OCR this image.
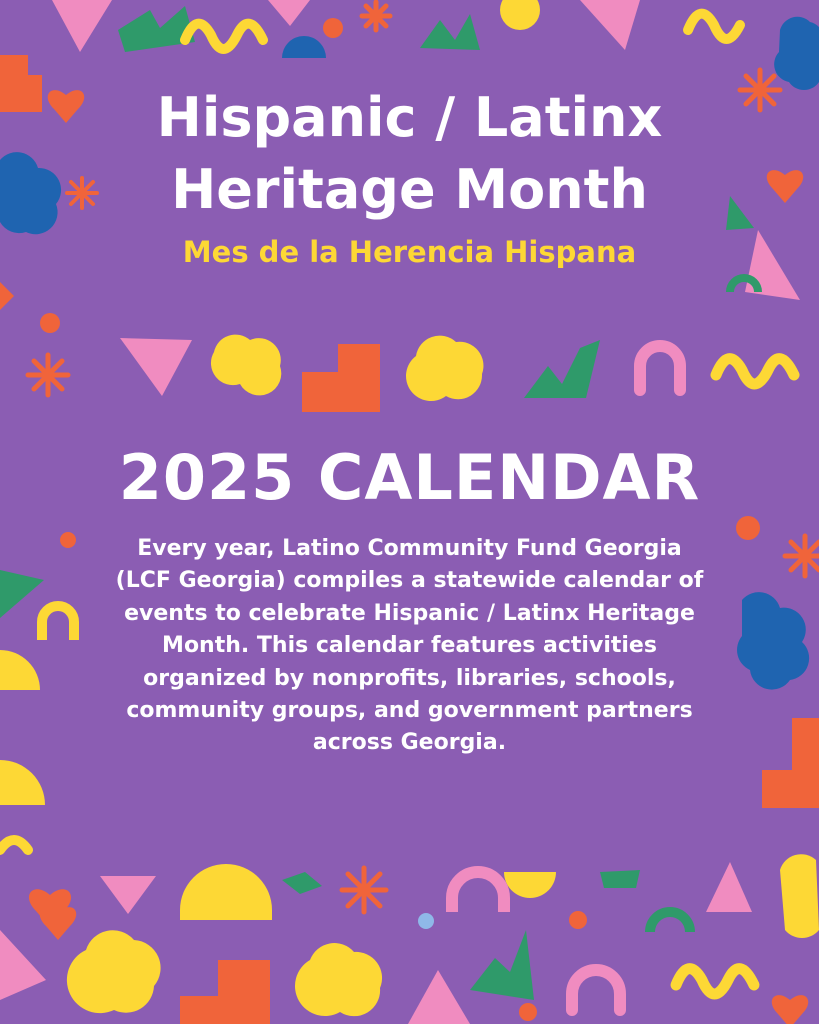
Hispanic / Latinx
Heritage Month
Mes de la Herencia Hispana
2025 CALENDAR

Every year, Latino Community Fund Georgia (LCF Georgia) compiles a statewide calendar of events to celebrate Hispanic / Latinx Heritage Month. This calendar features activities organized by nonprofits, libraries, schools, community groups, and government partners across Georgia.
